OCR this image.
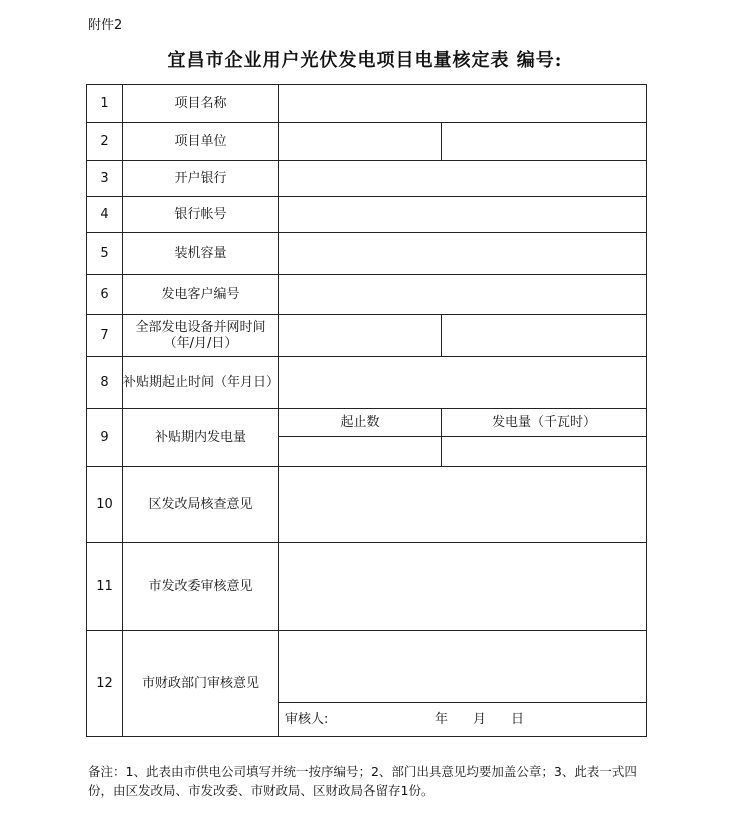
附件2
宜昌市企业用户光伏发电项目电量核定表 编号:
1	项目名称		
2	项目单位		
3	开户银行		
4	银行帐号		
5	装机容量		
6	发电客户编号		
7	全部发电设备并网时间（年/月/日）		
8	补贴期起止时间（年月日）		
9	补贴期内发电量	起止数	发电量（千瓦时）

10	区发改局核查意见		
11	市发改委审核意见		
12	市财政部门审核意见		
		审核人: 年 月 日	
备注：1、此表由市供电公司填写并统一按序编号；2、部门出具意见均要加盖公章；3、此表一式四份，由区发改局、市发改委、市财政局、区财政局各留存1份。
